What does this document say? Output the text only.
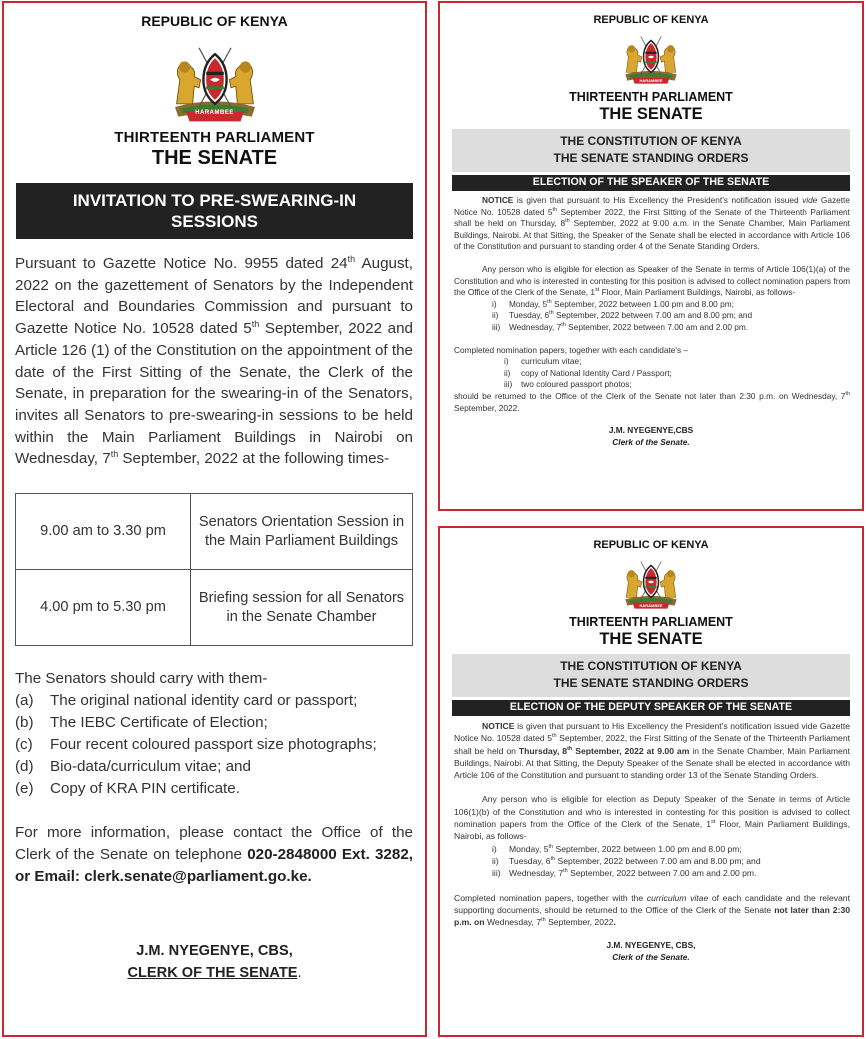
REPUBLIC OF KENYA
HARAMBEE
THIRTEENTH PARLIAMENT
THE SENATE
INVITATION TO PRE-SWEARING-IN
SESSIONS

Pursuant to Gazette Notice No. 9955 dated 24th August, 2022 on the gazettement of Senators by the Independent Electoral and Boundaries Commission and pursuant to Gazette Notice No. 10528 dated 5th September, 2022 and Article 126 (1) of the Constitution on the appointment of the date of the First Sitting of the Senate, the Clerk of the Senate, in preparation for the swearing-in of the Senators, invites all Senators to pre-swearing-in sessions to be held within the Main Parliament Buildings in Nairobi on Wednesday, 7th September, 2022 at the following times-

9.00 am to 3.30 pm	Senators Orientation Session in the Main Parliament Buildings
4.00 pm to 5.30 pm	Briefing session for all Senators in the Senate Chamber

The Senators should carry with them-

(a)	The original national identity card or passport;
(b)	The IEBC Certificate of Election;
(c)	Four recent coloured passport size photographs;
(d)	Bio-data/curriculum vitae; and
(e)	Copy of KRA PIN certificate.

For more information, please contact the Office of the Clerk of the Senate on telephone 020-2848000 Ext. 3282, or Email: clerk.senate@parliament.go.ke.

J.M. NYEGENYE, CBS,
CLERK OF THE SENATE.
REPUBLIC OF KENYA
HARAMBEE
THIRTEENTH PARLIAMENT
THE SENATE
THE CONSTITUTION OF KENYA
THE SENATE STANDING ORDERS
ELECTION OF THE SPEAKER OF THE SENATE

NOTICE is given that pursuant to His Excellency the President's notification issued vide Gazette Notice No. 10528 dated 5th September 2022, the First Sitting of the Senate of the Thirteenth Parliament shall be held on Thursday, 8th September, 2022 at 9.00 a.m. in the Senate Chamber, Main Parliament Buildings, Nairobi. At that Sitting, the Speaker of the Senate shall be elected in accordance with Article 106 of the Constitution and pursuant to standing order 4 of the Senate Standing Orders.

Any person who is eligible for election as Speaker of the Senate in terms of Article 106(1)(a) of the Constitution and who is interested in contesting for this position is advised to collect nomination papers from the Office of the Clerk of the Senate, 1st Floor, Main Parliament Buildings, Nairobi, as follows-

i)	Monday, 5th September, 2022 between 1.00 pm and 8.00 pm;
ii)	Tuesday, 6th September, 2022 between 7.00 am and 8.00 pm; and
iii)	Wednesday, 7th September, 2022 between 7.00 am and 2.00 pm.

Completed nomination papers, together with each candidate's –

i)	curriculum vitae;
ii)	copy of National Identity Card / Passport;
iii)	two coloured passport photos;

should be returned to the Office of the Clerk of the Senate not later than 2:30 p.m. on Wednesday, 7th September, 2022.

J.M. NYEGENYE,CBS
Clerk of the Senate.
REPUBLIC OF KENYA
HARAMBEE
THIRTEENTH PARLIAMENT
THE SENATE
THE CONSTITUTION OF KENYA
THE SENATE STANDING ORDERS
ELECTION OF THE DEPUTY SPEAKER OF THE SENATE

NOTICE is given that pursuant to His Excellency the President's notification issued vide Gazette Notice No. 10528 dated 5th September, 2022, the First Sitting of the Senate of the Thirteenth Parliament shall be held on Thursday, 8th September, 2022 at 9.00 am in the Senate Chamber, Main Parliament Buildings, Nairobi. At that Sitting, the Deputy Speaker of the Senate shall be elected in accordance with Article 106 of the Constitution and pursuant to standing order 13 of the Senate Standing Orders.

Any person who is eligible for election as Deputy Speaker of the Senate in terms of Article 106(1)(b) of the Constitution and who is interested in contesting for this position is advised to collect nomination papers from the Office of the Clerk of the Senate, 1st Floor, Main Parliament Buildings, Nairobi, as follows-

i)	Monday, 5th September, 2022 between 1.00 pm and 8.00 pm;
ii)	Tuesday, 6th September, 2022 between 7.00 am and 8.00 pm; and
iii) Wednesday, 7th September, 2022 between 7.00 am and 2.00 pm.

Completed nomination papers, together with the curriculum vitae of each candidate and the relevant supporting documents, should be returned to the Office of the Clerk of the Senate not later than 2:30 p.m. on Wednesday, 7th September, 2022.

J.M. NYEGENYE, CBS,
Clerk of the Senate.
